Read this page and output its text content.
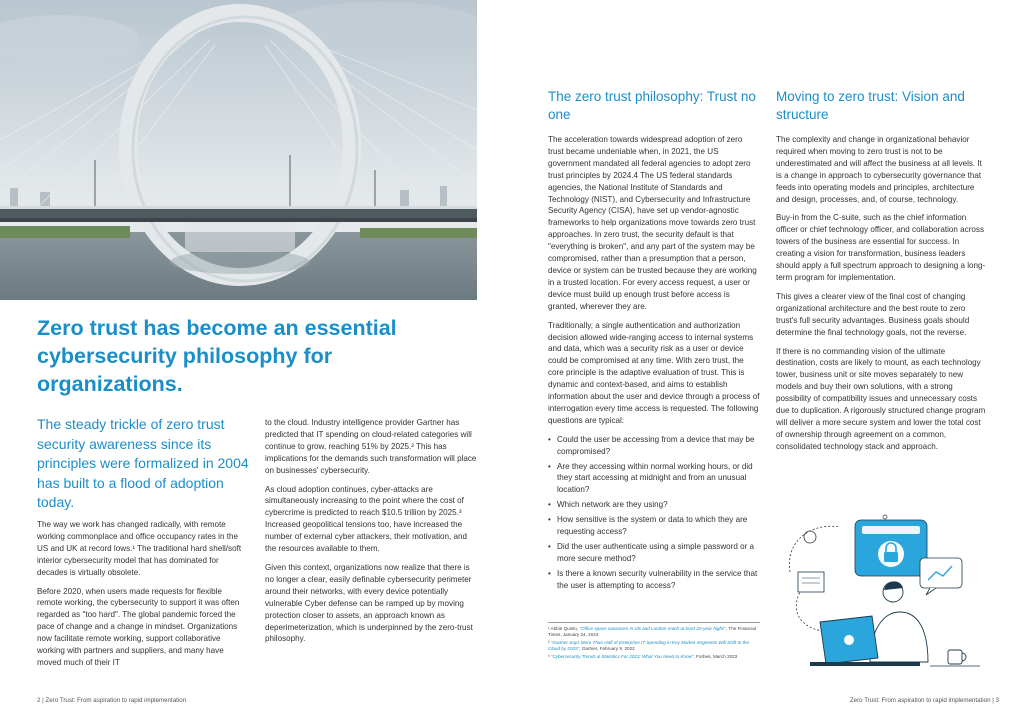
Zero trust has become an essential cybersecurity philosophy for organizations.

The steady trickle of zero trust security awareness since its principles were formalized in 2004 has built to a flood of adoption today.

The way we work has changed radically, with remote working commonplace and office occupancy rates in the US and UK at record lows.¹ The traditional hard shell/soft interior cybersecurity model that has dominated for decades is virtually obsolete.

Before 2020, when users made requests for flexible remote working, the cybersecurity to support it was often regarded as "too hard". The global pandemic forced the pace of change and a change in mindset. Organizations now facilitate remote working, support collaborative working with partners and suppliers, and many have moved much of their IT

to the cloud. Industry intelligence provider Gartner has predicted that IT spending on cloud-related categories will continue to grow, reaching 51% by 2025.² This has implications for the demands such transformation will place on businesses' cybersecurity.

As cloud adoption continues, cyber-attacks are simultaneously increasing to the point where the cost of cybercrime is predicted to reach $10.5 trillion by 2025.³ Increased geopolitical tensions too, have increased the number of external cyber attackers, their motivation, and the resources available to them.

Given this context, organizations now realize that there is no longer a clear, easily definable cybersecurity perimeter around their networks, with every device potentially vulnerable Cyber defense can be ramped up by moving protection closer to assets, an approach known as deperimeterization, which is underpinned by the zero-trust philosophy.

2 | Zero Trust: From aspiration to rapid implementation
The zero trust philosophy: Trust no one
Moving to zero trust: Vision and structure

The acceleration towards widespread adoption of zero trust became undeniable when, in 2021, the US government mandated all federal agencies to adopt zero trust principles by 2024.4 The US federal standards agencies, the National Institute of Standards and Technology (NIST), and Cybersecurity and Infrastructure Security Agency (CISA), have set up vendor-agnostic frameworks to help organizations move towards zero trust approaches. In zero trust, the security default is that "everything is broken", and any part of the system may be compromised, rather than a presumption that a person, device or system can be trusted because they are working in a trusted location. For every access request, a user or device must build up enough trust before access is granted, wherever they are.

Traditionally, a single authentication and authorization decision allowed wide-ranging access to internal systems and data, which was a security risk as a user or device could be compromised at any time. With zero trust, the core principle is the adaptive evaluation of trust. This is dynamic and context-based, and aims to establish information about the user and device through a process of interrogation every time access is requested. The following questions are typical:

• Could the user be accessing from a device that may be compromised?
• Are they accessing within normal working hours, or did they start accessing at midnight and from an unusual location?
• Which network are they using?
• How sensitive is the system or data to which they are requesting access?
• Did the user authenticate using a simple password or a more secure method?
• Is there a known security vulnerability in the service that the user is attempting to access?

¹ Abbie Quinlo, "Office space vacancies in US and London reach at least 20-year highs", The Financial Times, January 24, 2023

² "Gartner Says More Than Half of Enterprise IT Spending in Key Market Segments Will Shift to the Cloud by 2025", Gartner, February 9, 2022

³ "Cybersecurity Trends & Statistics For 2023; What You Need to Know", Forbes, March 2023

The complexity and change in organizational behavior required when moving to zero trust is not to be underestimated and will affect the business at all levels. It is a change in approach to cybersecurity governance that feeds into operating models and principles, architecture and design, processes, and, of course, technology.

Buy-in from the C-suite, such as the chief information officer or chief technology officer, and collaboration across towers of the business are essential for success. In creating a vision for transformation, business leaders should apply a full spectrum approach to designing a long-term program for implementation.

This gives a clearer view of the final cost of changing organizational architecture and the best route to zero trust's full security advantages. Business goals should determine the final technology goals, not the reverse.

If there is no commanding vision of the ultimate destination, costs are likely to mount, as each technology tower, business unit or site moves separately to new models and buy their own solutions, with a strong possibility of compatibility issues and unnecessary costs due to duplication. A rigorously structured change program will deliver a more secure system and lower the total cost of ownership through agreement on a common, consolidated technology stack and approach.

Zero Trust: From aspiration to rapid implementation | 3
